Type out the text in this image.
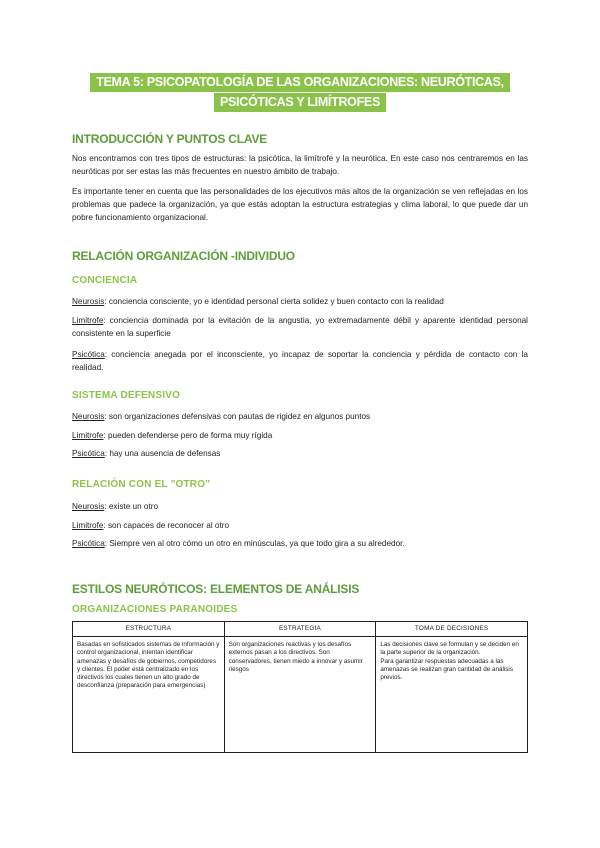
TEMA 5: PSICOPATOLOGÍA DE LAS ORGANIZACIONES: NEURÓTICAS,
PSICÓTICAS Y LIMÍTROFES
INTRODUCCIÓN Y PUNTOS CLAVE

Nos encontramos con tres tipos de estructuras: la psicótica, la limítrofe y la neurótica. En este caso nos centraremos en las neuróticas por ser estas las más frecuentes en nuestro ámbito de trabajo.

Es importante tener en cuenta que las personalidades de los ejecutivos más altos de la organización se ven reflejadas en los problemas que padece la organización, ya que estás adoptan la estructura estrategias y clima laboral, lo que puede dar un pobre funcionamiento organizacional.

RELACIÓN ORGANIZACIÓN -INDIVIDUO
CONCIENCIA

Neurosis: conciencia consciente, yo e identidad personal cierta solidez y buen contacto con la realidad

Limitrofe: conciencia dominada por la evitación de la angustia, yo extremadamente débil y aparente identidad personal consistente en la superficie

Psicótica: conciencia anegada por el inconsciente, yo incapaz de soportar la conciencia y pérdida de contacto con la realidad.

SISTEMA DEFENSIVO

Neurosis: son organizaciones defensivas con pautas de rigidez en algunos puntos

Limitrofe: pueden defenderse pero de forma muy rígida

Psicótica: hay una ausencia de defensas

RELACIÓN CON EL "OTRO"

Neurosis: existe un otro

Limitrofe: son capaces de reconocer al otro

Psicótica: Siempre ven al otro cómo un otro en minúsculas, ya que todo gira a su alrededor.

ESTILOS NEURÓTICOS: ELEMENTOS DE ANÁLISIS
ORGANIZACIONES PARANOIDES
ESTRUCTURA	ESTRATEGIA	TOMA DE DECISIONES
Basadas en sofisticados sistemas de información y control organizacional, intentan identificar amenazas y desafíos de gobiernos, competidores y clientes. El poder está centralizado en los directivos los cuales tienen un alto grado de desconfianza (preparación para emergencias)	Son organizaciones reactivas y los desafíos externos pasan a los directivos. Son conservadores, tienen miedo a innovar y asumir riesgos	Las decisiones clave se formulan y se deciden en la parte superior de la organización.
Para garantizar respuestas adecuadas a las amenazas se realizan gran cantidad de análisis previos.
